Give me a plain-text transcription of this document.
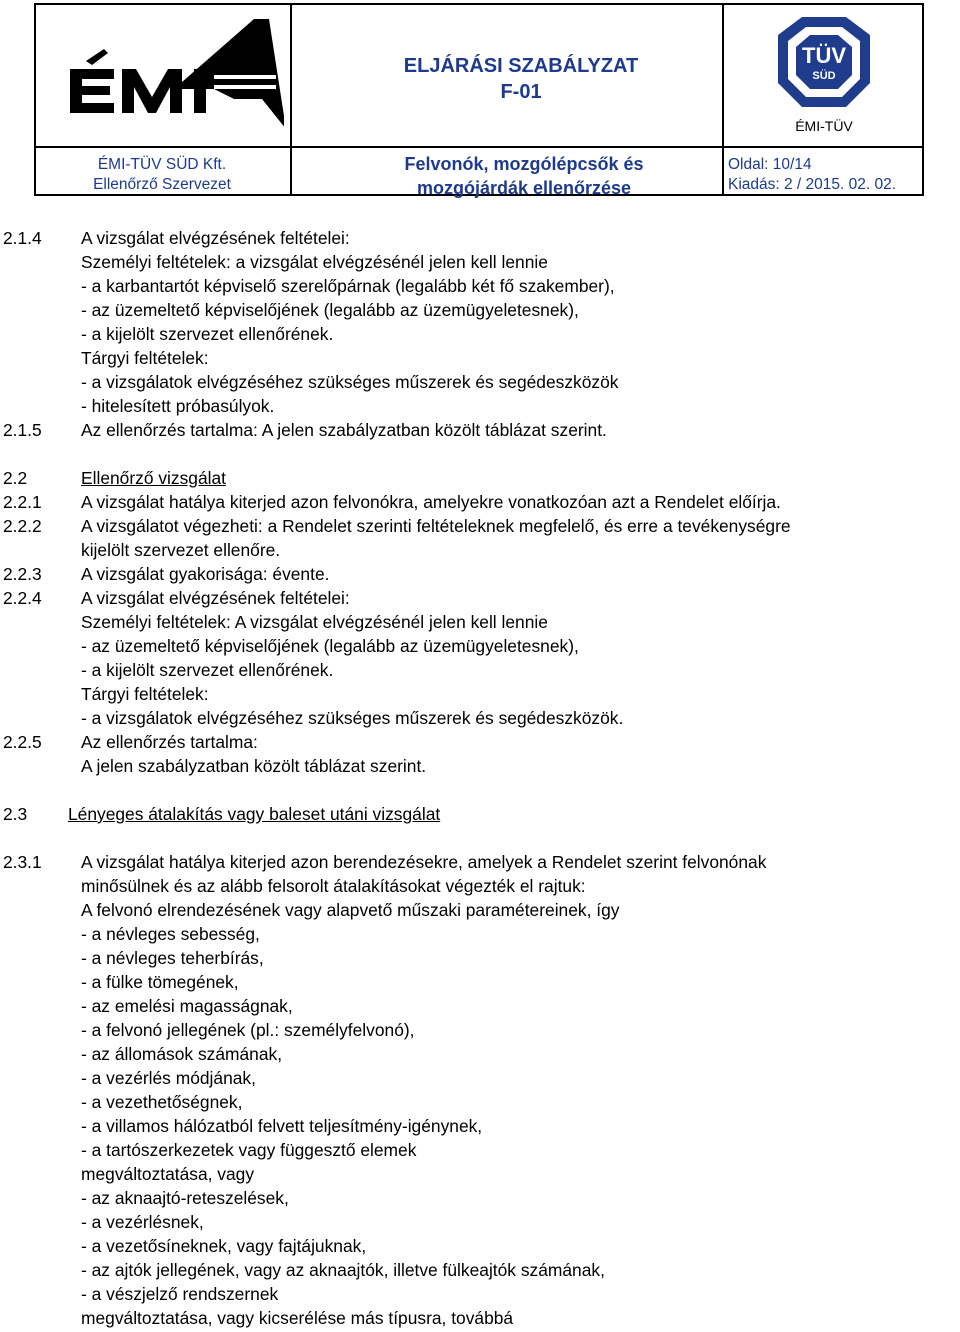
ELJÁRÁSI SZABÁLYZAT
F-01
TÜV
SÜD
ÉMI-TÜV
ÉMI-TÜV SÜD Kft.
Ellenőrző Szervezet
Felvonók, mozgólépcsők és
mozgójárdák ellenőrzése
Oldal: 10/14
Kiadás: 2 / 2015. 02. 02.
2.1.4 A vizsgálat elvégzésének feltételei:
Személyi feltételek: a vizsgálat elvégzésénél jelen kell lennie
- a karbantartót képviselő szerelőpárnak (legalább két fő szakember),
- az üzemeltető képviselőjének (legalább az üzemügyeletesnek),
- a kijelölt szervezet ellenőrének.
Tárgyi feltételek:
- a vizsgálatok elvégzéséhez szükséges műszerek és segédeszközök
- hitelesített próbasúlyok.
2.1.5 Az ellenőrzés tartalma: A jelen szabályzatban közölt táblázat szerint.
2.2	Ellenőrző vizsgálat
2.2.1 A vizsgálat hatálya kiterjed azon felvonókra, amelyekre vonatkozóan azt a Rendelet előírja.
2.2.2 A vizsgálatot végezheti: a Rendelet szerinti feltételeknek megfelelő, és erre a tevékenységre
kijelölt szervezet ellenőre.
2.2.3 A vizsgálat gyakorisága: évente.
2.2.4 A vizsgálat elvégzésének feltételei:
Személyi feltételek: A vizsgálat elvégzésénél jelen kell lennie
- az üzemeltető képviselőjének (legalább az üzemügyeletesnek),
- a kijelölt szervezet ellenőrének.
Tárgyi feltételek:
- a vizsgálatok elvégzéséhez szükséges műszerek és segédeszközök.
2.2.5 Az ellenőrzés tartalma:
A jelen szabályzatban közölt táblázat szerint.
2.3 Lényeges átalakítás vagy baleset utáni vizsgálat
2.3.1 A vizsgálat hatálya kiterjed azon berendezésekre, amelyek a Rendelet szerint felvonónak
minősülnek és az alább felsorolt átalakításokat végezték el rajtuk:
A felvonó elrendezésének vagy alapvető műszaki paramétereinek, így
- a névleges sebesség,
- a névleges teherbírás,
- a fülke tömegének,
- az emelési magasságnak,
- a felvonó jellegének (pl.: személyfelvonó),
- az állomások számának,
- a vezérlés módjának,
- a vezethetőségnek,
- a villamos hálózatból felvett teljesítmény-igénynek,
- a tartószerkezetek vagy függesztő elemek
megváltoztatása, vagy
- az aknaajtó-reteszelések,
- a vezérlésnek,
- a vezetősíneknek, vagy fajtájuknak,
- az ajtók jellegének, vagy az aknaajtók, illetve fülkeajtók számának,
- a vészjelző rendszernek
megváltoztatása, vagy kicserélése más típusra, továbbá
